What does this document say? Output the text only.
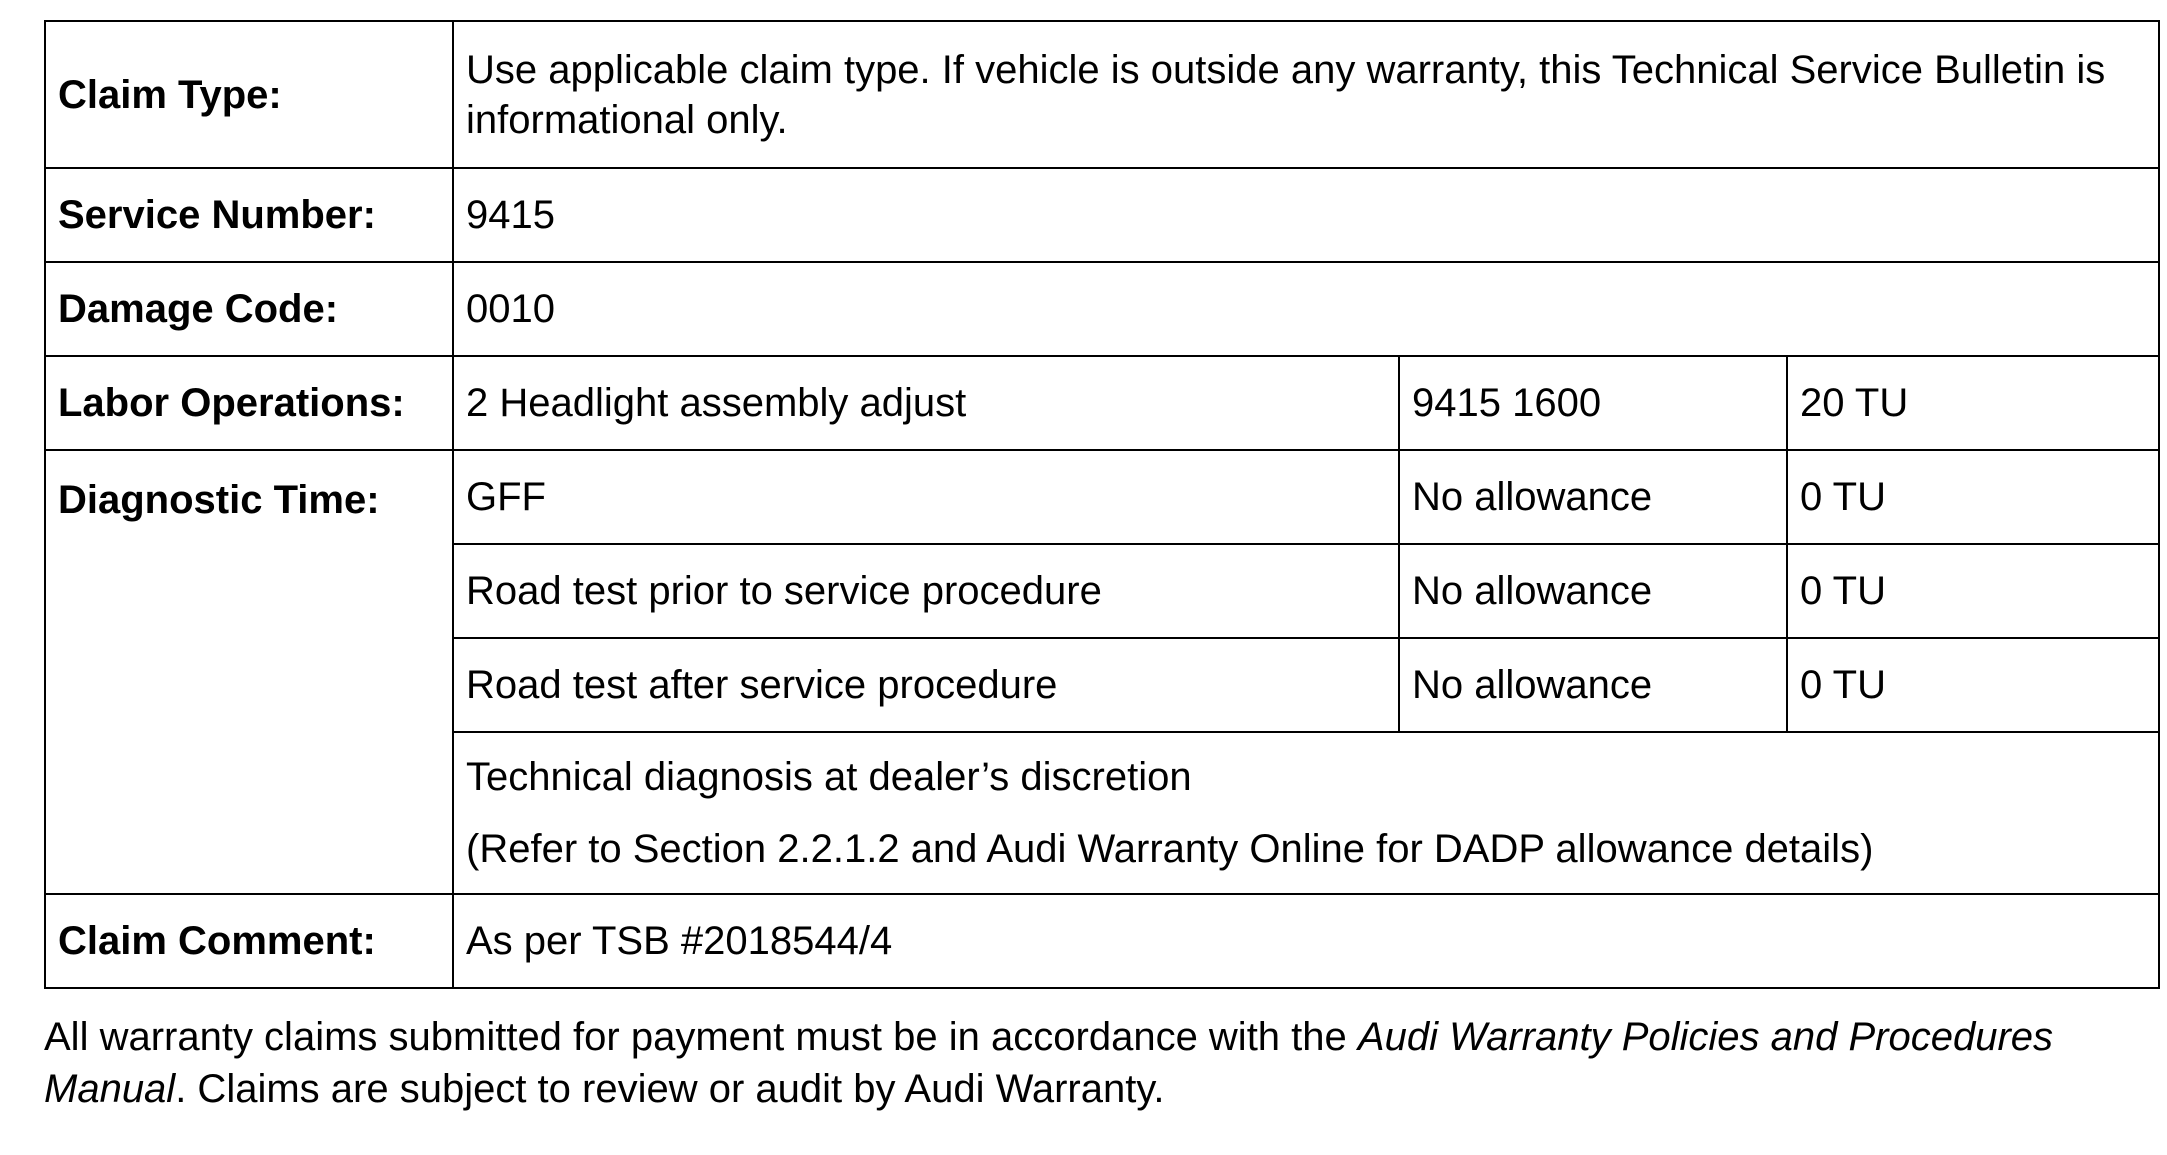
Claim Type:	Use applicable claim type. If vehicle is outside any warranty, this Technical Service Bulletin is informational only.		
Service Number:	9415		
Damage Code:	0010		
Labor Operations:	2 Headlight assembly adjust	9415 1600	20 TU
Diagnostic Time:	GFF	No allowance	0 TU
	Road test prior to service procedure	No allowance	0 TU
	Road test after service procedure	No allowance	0 TU

	Technical diagnosis at dealer’s discretion
(Refer to Section 2.2.1.2 and Audi Warranty Online for DADP allowance details)		

Claim Comment:	As per TSB #2018544/4		

All warranty claims submitted for payment must be in accordance with the Audi Warranty Policies and Procedures Manual. Claims are subject to review or audit by Audi Warranty.
